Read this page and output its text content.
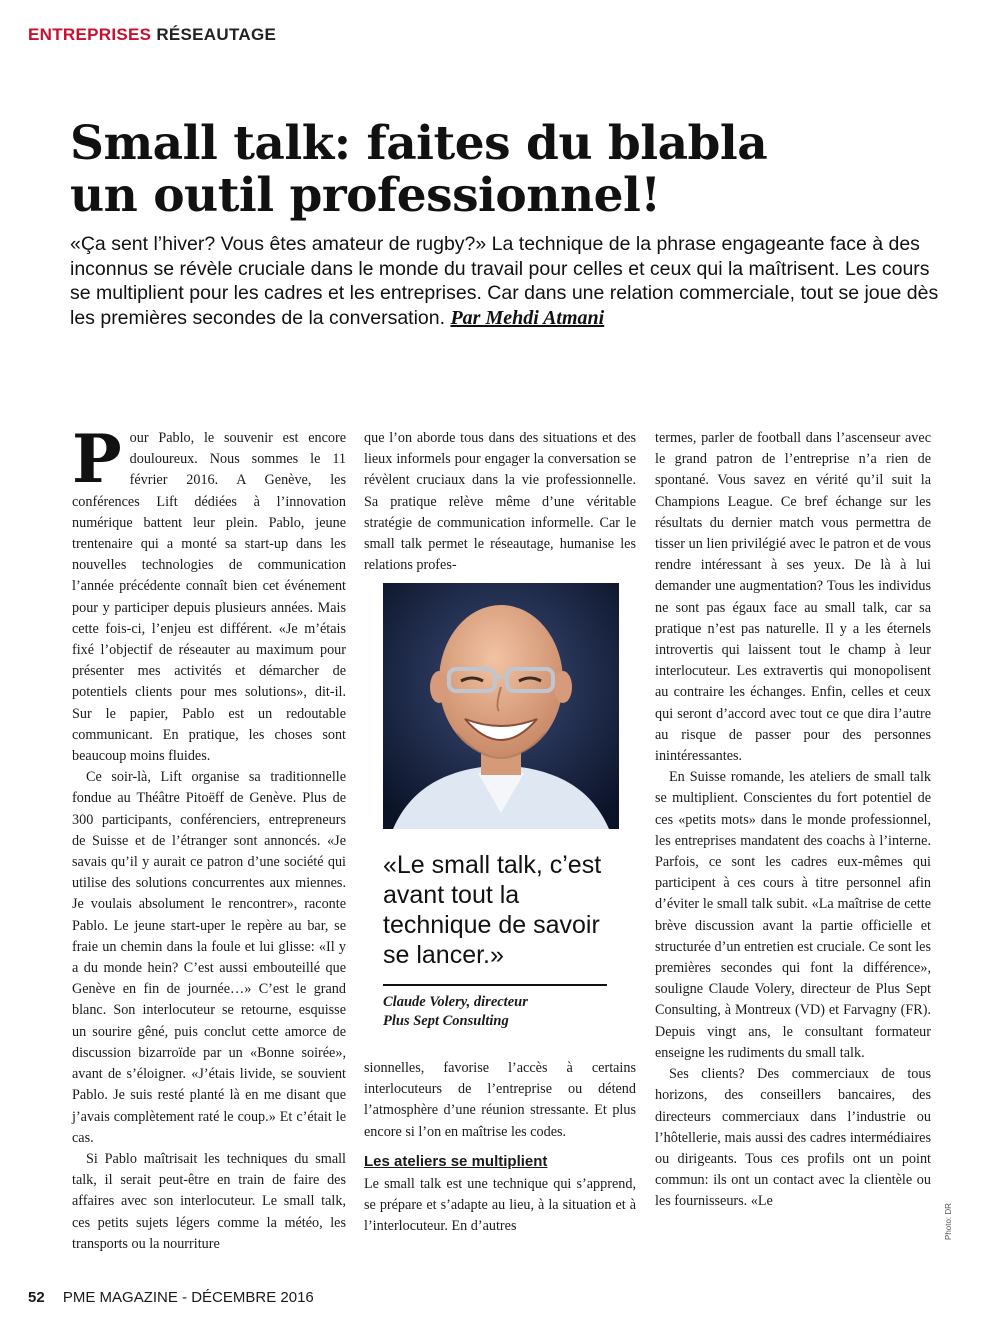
ENTREPRISES RÉSEAUTAGE
Small talk: faites du blabla
un outil professionnel!

«Ça sent l’hiver? Vous êtes amateur de rugby?» La technique de la phrase engageante face à des inconnus se révèle cruciale dans le monde du travail pour celles et ceux qui la maîtrisent. Les cours se multiplient pour les cadres et les entreprises. Car dans une relation commerciale, tout se joue dès les premières secondes de la conversation. Par Mehdi Atmani

Pour Pablo, le souvenir est encore douloureux. Nous sommes le 11 février 2016. A Genève, les conférences Lift dédiées à l’innovation numérique battent leur plein. Pablo, jeune trentenaire qui a monté sa start-up dans les nouvelles technologies de communication l’année précédente connaît bien cet événement pour y participer depuis plusieurs années. Mais cette fois-ci, l’enjeu est différent. «Je m’étais fixé l’objectif de réseauter au maximum pour présenter mes activités et démarcher de potentiels clients pour mes solutions», dit-il. Sur le papier, Pablo est un redoutable communicant. En pratique, les choses sont beaucoup moins fluides.

Ce soir-là, Lift organise sa traditionnelle fondue au Théâtre Pitoëff de Genève. Plus de 300 participants, conférenciers, entrepreneurs de Suisse et de l’étranger sont annoncés. «Je savais qu’il y aurait ce patron d’une société qui utilise des solutions concurrentes aux miennes. Je voulais absolument le rencontrer», raconte Pablo. Le jeune start-uper le repère au bar, se fraie un chemin dans la foule et lui glisse: «Il y a du monde hein? C’est aussi embouteillé que Genève en fin de journée…» C’est le grand blanc. Son interlocuteur se retourne, esquisse un sourire gêné, puis conclut cette amorce de discussion bizarroïde par un «Bonne soirée», avant de s’éloigner. «J’étais livide, se souvient Pablo. Je suis resté planté là en me disant que j’avais complètement raté le coup.» Et c’était le cas.

Si Pablo maîtrisait les techniques du small talk, il serait peut-être en train de faire des affaires avec son interlocuteur. Le small talk, ces petits sujets légers comme la météo, les transports ou la nourriture

que l’on aborde tous dans des situations et des lieux informels pour engager la conversation se révèlent cruciaux dans la vie professionnelle. Sa pratique relève même d’une véritable stratégie de communication informelle. Car le small talk permet le réseautage, humanise les relations profes-

«Le small talk, c’est avant tout la technique de savoir se lancer.»

Claude Volery, directeur
Plus Sept Consulting

sionnelles, favorise l’accès à certains interlocuteurs de l’entreprise ou détend l’atmosphère d’une réunion stressante. Et plus encore si l’on en maîtrise les codes.

Les ateliers se multiplient

Le small talk est une technique qui s’apprend, se prépare et s’adapte au lieu, à la situation et à l’interlocuteur. En d’autres

termes, parler de football dans l’ascenseur avec le grand patron de l’entreprise n’a rien de spontané. Vous savez en vérité qu’il suit la Champions League. Ce bref échange sur les résultats du dernier match vous permettra de tisser un lien privilégié avec le patron et de vous rendre intéressant à ses yeux. De là à lui demander une augmentation? Tous les individus ne sont pas égaux face au small talk, car sa pratique n’est pas naturelle. Il y a les éternels introvertis qui laissent tout le champ à leur interlocuteur. Les extravertis qui monopolisent au contraire les échanges. Enfin, celles et ceux qui seront d’accord avec tout ce que dira l’autre au risque de passer pour des personnes inintéressantes.

En Suisse romande, les ateliers de small talk se multiplient. Conscientes du fort potentiel de ces «petits mots» dans le monde professionnel, les entreprises mandatent des coachs à l’interne. Parfois, ce sont les cadres eux-mêmes qui participent à ces cours à titre personnel afin d’éviter le small talk subit. «La maîtrise de cette brève discussion avant la partie officielle et structurée d’un entretien est cruciale. Ce sont les premières secondes qui font la différence», souligne Claude Volery, directeur de Plus Sept Consulting, à Montreux (VD) et Farvagny (FR). Depuis vingt ans, le consultant formateur enseigne les rudiments du small talk.

Ses clients? Des commerciaux de tous horizons, des conseillers bancaires, des directeurs commerciaux dans l’industrie ou l’hôtellerie, mais aussi des cadres intermédiaires ou dirigeants. Tous ces profils ont un point commun: ils ont un contact avec la clientèle ou les fournisseurs. «Le

Photo: DR
52 PME MAGAZINE - DÉCEMBRE 2016
